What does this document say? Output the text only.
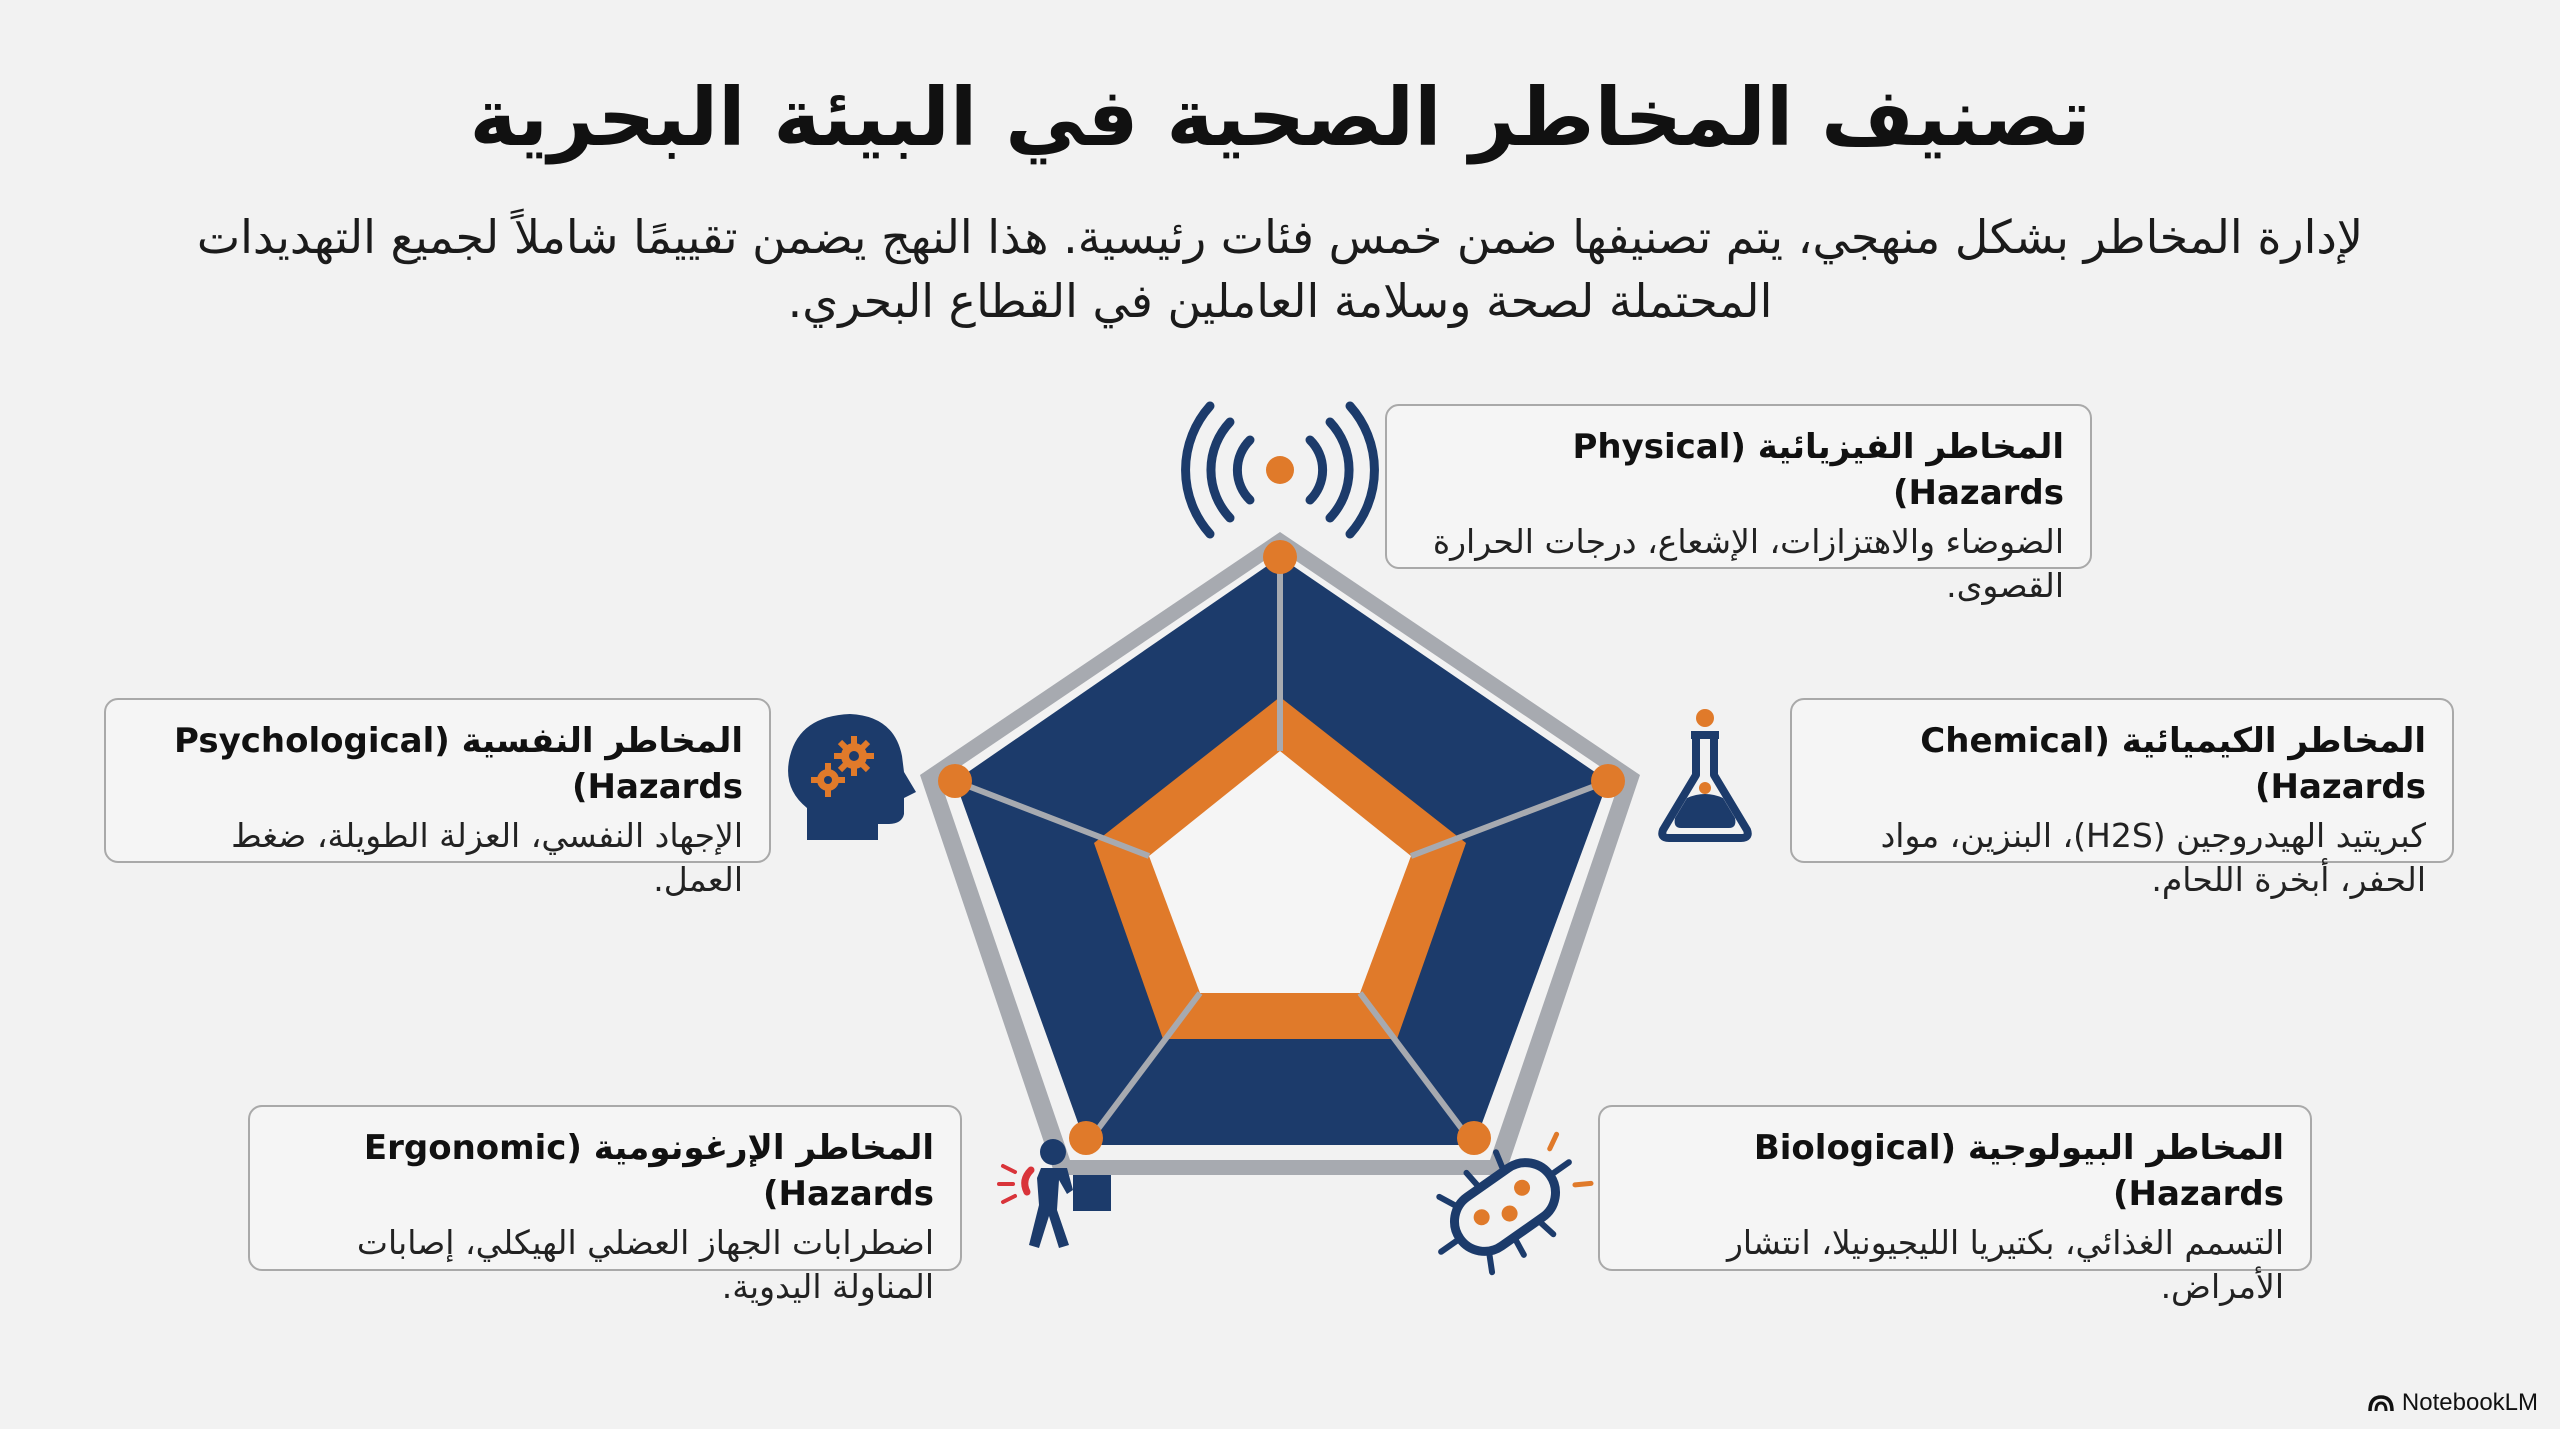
تصنيف المخاطر الصحية في البيئة البحرية
لإدارة المخاطر بشكل منهجي، يتم تصنيفها ضمن خمس فئات رئيسية. هذا النهج يضمن تقييمًا شاملاً لجميع التهديدات المحتملة لصحة وسلامة العاملين في القطاع البحري.
المخاطر الفيزيائية (Physical Hazards)
الضوضاء والاهتزازات، الإشعاع، درجات الحرارة القصوى.
المخاطر الكيميائية (Chemical Hazards)
كبريتيد الهيدروجين (H2S)، البنزين، مواد الحفر، أبخرة اللحام.
المخاطر البيولوجية (Biological Hazards)
التسمم الغذائي، بكتيريا الليجيونيلا، انتشار الأمراض.
المخاطر الإرغونومية (Ergonomic Hazards)
اضطرابات الجهاز العضلي الهيكلي، إصابات المناولة اليدوية.
المخاطر النفسية (Psychological Hazards)
الإجهاد النفسي، العزلة الطويلة، ضغط العمل.
NotebookLM
